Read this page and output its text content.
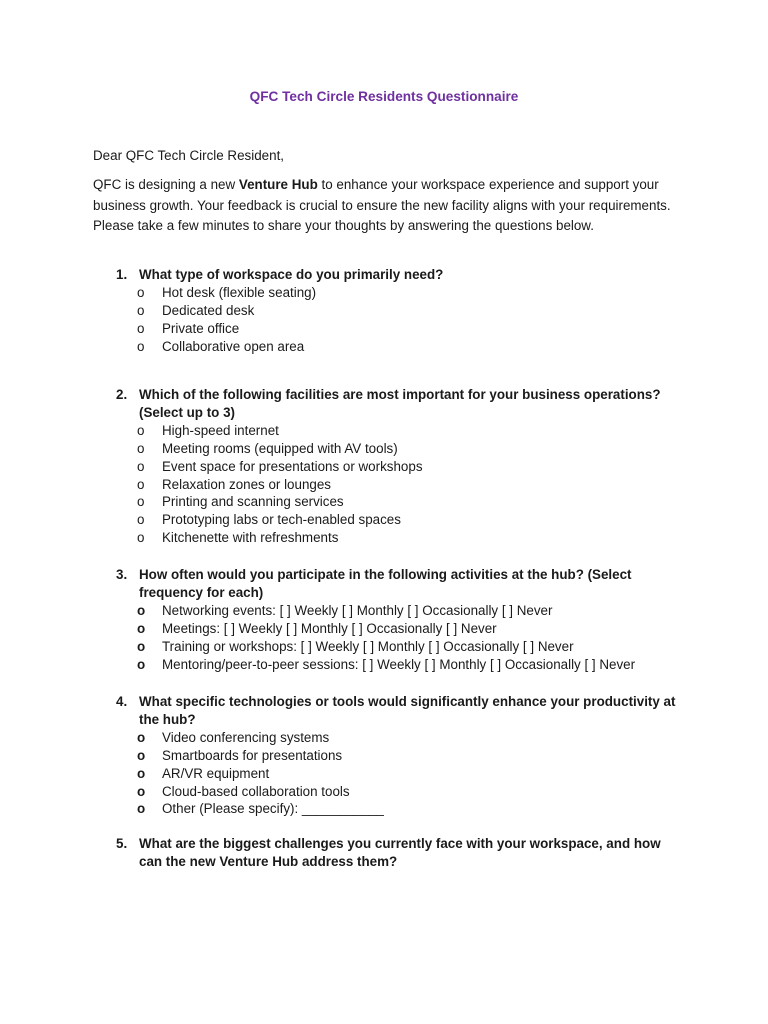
QFC Tech Circle Residents Questionnaire
Dear QFC Tech Circle Resident,
QFC is designing a new Venture Hub to enhance your workspace experience and support your business growth. Your feedback is crucial to ensure the new facility aligns with your requirements. Please take a few minutes to share your thoughts by answering the questions below.
1. What type of workspace do you primarily need?
o	Hot desk (flexible seating)
o	Dedicated desk
o	Private office
o	Collaborative open area
2. Which of the following facilities are most important for your business operations? (Select up to 3)
o	High-speed internet
o	Meeting rooms (equipped with AV tools)
o	Event space for presentations or workshops
o	Relaxation zones or lounges
o	Printing and scanning services
o	Prototyping labs or tech-enabled spaces
o	Kitchenette with refreshments
3. How often would you participate in the following activities at the hub? (Select frequency for each)
o	Networking events: [ ] Weekly [ ] Monthly [ ] Occasionally [ ] Never
o	Meetings: [ ] Weekly [ ] Monthly [ ] Occasionally [ ] Never
o	Training or workshops: [ ] Weekly [ ] Monthly [ ] Occasionally [ ] Never
o	Mentoring/peer-to-peer sessions: [ ] Weekly [ ] Monthly [ ] Occasionally [ ] Never
4. What specific technologies or tools would significantly enhance your productivity at the hub?
o	Video conferencing systems
o	Smartboards for presentations
o	AR/VR equipment
o	Cloud-based collaboration tools
o	Other (Please specify): ___________
5. What are the biggest challenges you currently face with your workspace, and how can the new Venture Hub address them?
